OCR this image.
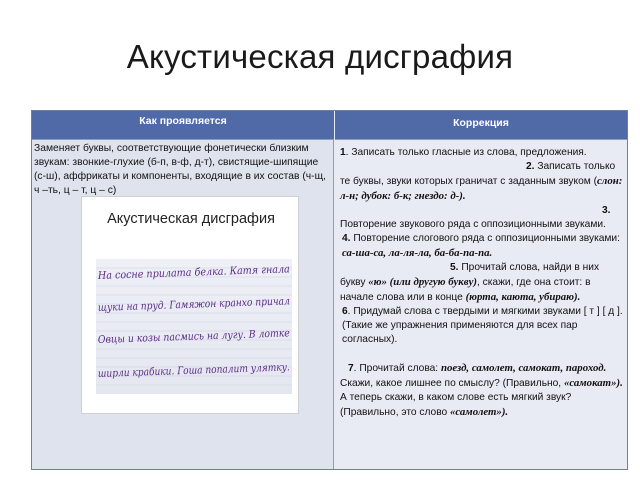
Акустическая дисграфия
Как проявляется	Коррекция
Заменяет буквы, соответствующие фонетически близким звукам: звонкие-глухие (б-п, в-ф, д-т), свистящие-шипящие (с-ш), аффрикаты и компоненты, входящие в их состав (ч-щ, ч –ть, ц – т, ц – с)

1. Записать только гласные из слова, предложения.

2. Записать только те буквы, звуки которых граничат с заданным звуком (слон: л-н; дубок: б-к; гнездо: д-).

3. Повторение звукового ряда с оппозиционными звуками.

4. Повторение слогового ряда с оппозиционными звуками: са-ша-са, ла-ля-ла, ба-ба-па-па.

5. Прочитай слова, найди в них букву «ю» (или другую букву), скажи, где она стоит: в начале слова или в конце (юрта, каюта, убираю).

6. Придумай слова с твердыми и мягкими звуками [ т ] [ д ]. (Такие же упражнения применяются для всех пар согласных).

7. Прочитай слова: поезд, самолет, самокат, пароход. Скажи, какое лишнее по смыслу? (Правильно, «самокат»). А теперь скажи, в каком слове есть мягкий звук? (Правильно, это слово «самолет»).

Акустическая дисграфия
На сосне прилата белка. Катя гнала
щуки на пруд. Гамяжон кранхо причал
Овцы и козы пасмись на лугу. В лотке
ширли крабики. Гоша попалит улятку.
